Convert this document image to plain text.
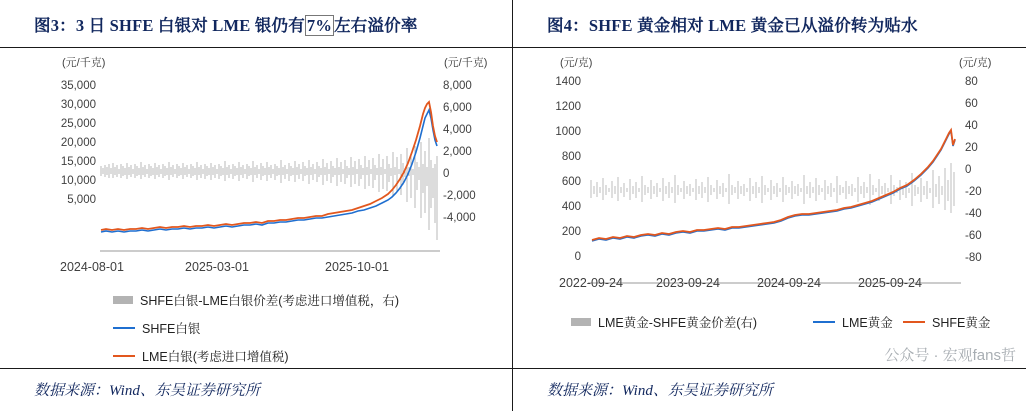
图3：3 日 SHFE 白银对 LME 银仍有 7% 左右溢价率
(元/千克)	(元/千克)
35,000
30,000
25,000
20,000
15,000
10,000
5,000
8,000
6,000
4,000
2,000
0
-2,000
-4,000
2024-08-01	2025-03-01	2025-10-01
SHFE白银-LME白银价差(考虑进口增值税，右)
SHFE白银
LME白银(考虑进口增值税)
数据来源：Wind、东吴证券研究所
图4：SHFE 黄金相对 LME 黄金已从溢价转为贴水
(元/克)	(元/克)
1400
1200
1000
800
600
400
200
0
80
60
40
20
0
-20
-40
-60
-80
2022-09-24	2023-09-24	2024-09-24	2025-09-24
LME黄金-SHFE黄金价差(右)	LME黄金	SHFE黄金
数据来源：Wind、东吴证券研究所
公众号 · 宏观fans哲
